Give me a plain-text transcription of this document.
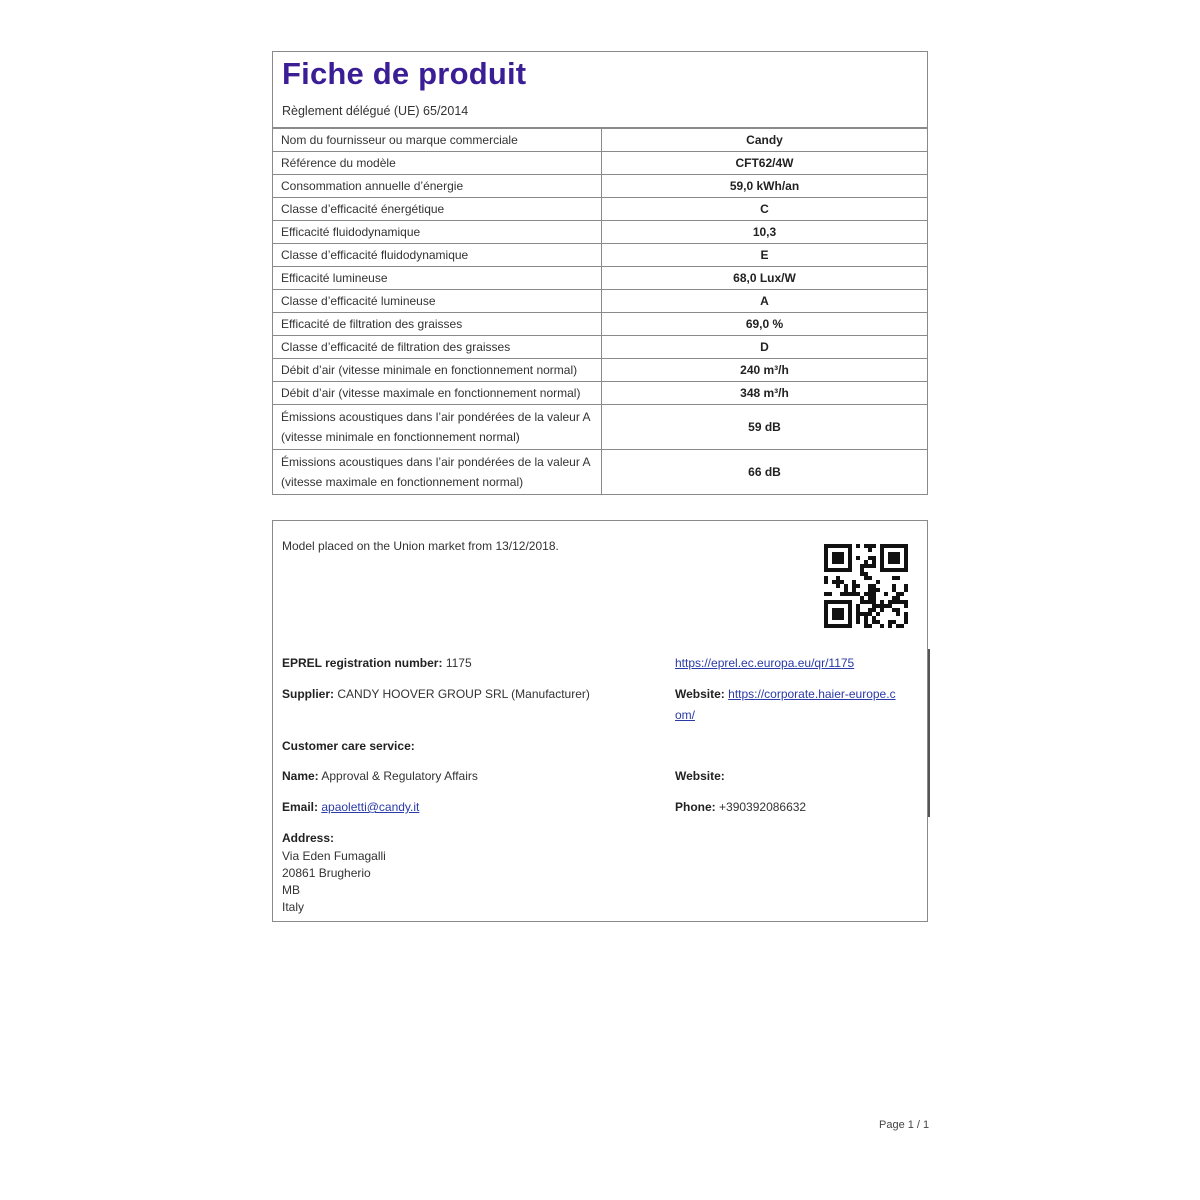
Fiche de produit
Règlement délégué (UE) 65/2014
Nom du fournisseur ou marque commerciale	Candy
Référence du modèle	CFT62/4W
Consommation annuelle d’énergie	59,0 kWh/an
Classe d’efficacité énergétique	C
Efficacité fluidodynamique	10,3
Classe d’efficacité fluidodynamique	E
Efficacité lumineuse	68,0 Lux/W
Classe d’efficacité lumineuse	A
Efficacité de filtration des graisses	69,0 %
Classe d’efficacité de filtration des graisses	D
Débit d’air (vitesse minimale en fonctionnement normal)	240 m³/h
Débit d’air (vitesse maximale en fonctionnement normal)	348 m³/h

Émissions acoustiques dans l’air pondérées de la valeur A
(vitesse minimale en fonctionnement normal)	59 dB

Émissions acoustiques dans l’air pondérées de la valeur A
(vitesse maximale en fonctionnement normal)	66 dB
Model placed on the Union market from 13/12/2018.
EPREL registration number: 1175	https://eprel.ec.europa.eu/qr/1175
Supplier: CANDY HOOVER GROUP SRL (Manufacturer)	Website: https://corporate.haier-europe.c
om/
Customer care service:
Name: Approval & Regulatory Affairs	Website:
Email: apaoletti@candy.it	Phone: +390392086632
Address:
Via Eden Fumagalli
20861 Brugherio
MB
Italy
Page 1 / 1
